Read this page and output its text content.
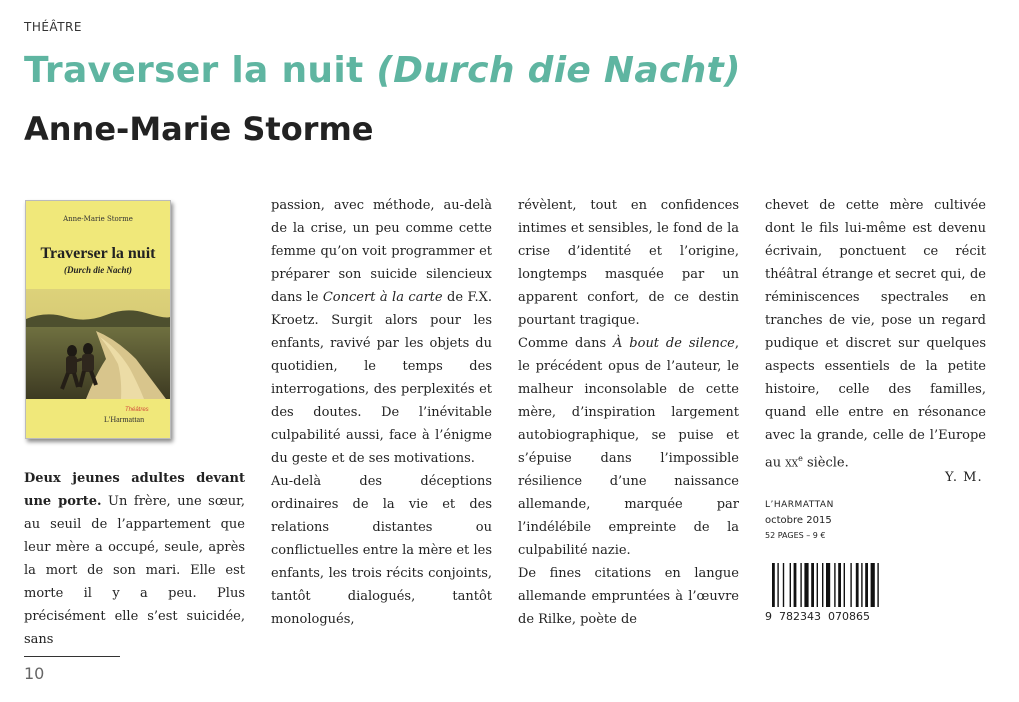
THÉÂTRE
Traverser la nuit (Durch die Nacht)
Anne-Marie Storme
Anne-Marie Storme
Traverser la nuit
(Durch die Nacht)
Théâtres
L'Harmattan

Deux jeunes adultes devant une porte. Un frère, une sœur, au seuil de l’appartement que leur mère a occupé, seule, après la mort de son mari. Elle est morte il y a peu. Plus précisément elle s’est suicidée, sans

passion, avec méthode, au-delà de la crise, un peu comme cette femme qu’on voit programmer et préparer son suicide silencieux dans le Concert à la carte de F.X. Kroetz. Surgit alors pour les enfants, ravivé par les objets du quotidien, le temps des interrogations, des perplexités et des doutes. De l’inévitable culpabilité aussi, face à l’énigme du geste et de ses motivations.

Au-delà des déceptions ordinaires de la vie et des relations distantes ou conflictuelles entre la mère et les enfants, les trois récits conjoints, tantôt dialogués, tantôt monologués,

révèlent, tout en confidences intimes et sensibles, le fond de la crise d’identité et l’origine, longtemps masquée par un apparent confort, de ce destin pourtant tragique.

Comme dans À bout de silence, le précédent opus de l’auteur, le malheur inconsolable de cette mère, d’inspiration largement autobiographique, se puise et s’épuise dans l’impossible résilience d’une naissance allemande, marquée par l’indélébile empreinte de la culpabilité nazie.

De fines citations en langue allemande empruntées à l’œuvre de Rilke, poète de

chevet de cette mère cultivée dont le fils lui-même est devenu écrivain, ponctuent ce récit théâtral étrange et secret qui, de réminiscences spectrales en tranches de vie, pose un regard pudique et discret sur quelques aspects essentiels de la petite histoire, celle des familles, quand elle entre en résonance avec la grande, celle de l’Europe au $xx^e$ siècle.

Y. M.
L’HARMATTAN
octobre 2015
52 PAGES – 9 €
9  782343  070865
10
